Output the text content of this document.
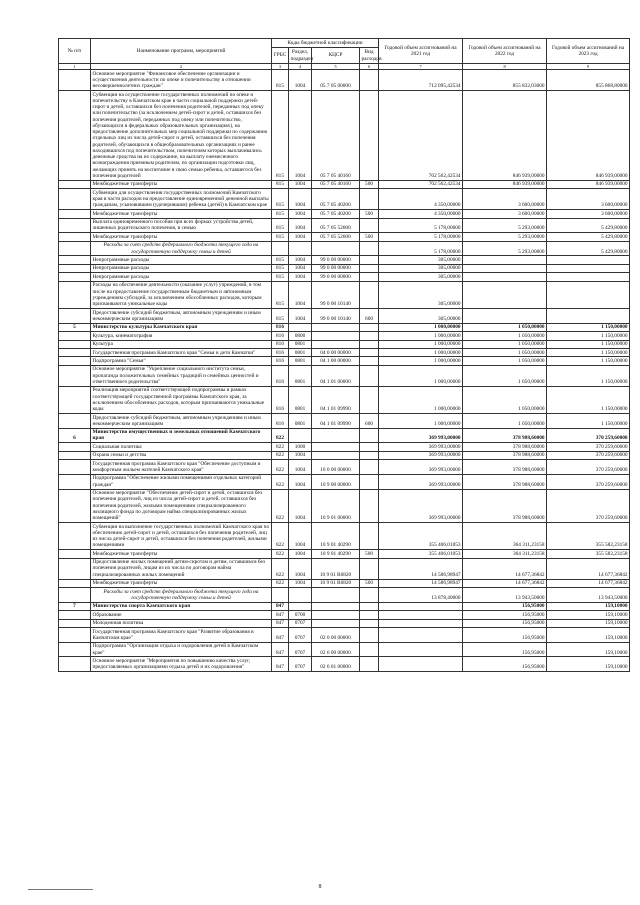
№ п/п	Наименование программ, мероприятий	Коды бюджетной классификации				Годовой объем ассигнований на 2021 год	Годовой объем ассигнований на 2022 год	Годовой объем ассигнований на 2023 год
		ГРБС	Раздел, подраздел	КЦСР	Вид расходов			
1	2	3	4	5	6	7	8	9
	Основное мероприятие "Финансовое обеспечение организации и осуществления деятельности по опеке и попечительству в отношении несовершеннолетних граждан"	815	1004	05 7 05 00000		712 095,42534	855 832,03000	855 868,80000
	Субвенции на осуществление государственных полномочий по опеке и попечительству в Камчатском крае в части социальной поддержки детей-сирот и детей, оставшихся без попечения родителей, переданных под опеку или попечительство (за исключением детей-сирот и детей, оставшихся без попечения родителей, переданных под опеку или попечительство, обучающихся в федеральных образовательных организациях), на предоставление дополнительных мер социальной поддержки по содержанию отдельных лиц из числа детей-сирот и детей, оставшихся без попечения родителей, обучающихся в общеобразовательных организациях и ранее находившихся под попечительством, попечителям которых выплачивались денежные средства на их содержание, на выплату ежемесячного вознаграждения приемным родителям, по организации подготовки лиц, желающих принять на воспитание в свою семью ребенка, оставшегося без попечения родителей	815	1004	05 7 05 40160		702 562,42534	846 939,00000	846 939,00000
	Межбюджетные трансферты	815	1004	05 7 05 40160	500	702 562,42534	846 939,00000	846 939,00000
	Субвенции для осуществления государственных полномочий Камчатского края в части расходов на предоставление единовременной денежной выплаты гражданам, усыновившим (удочерившим) ребенка (детей) в Камчатском крае	815	1004	05 7 05 40200		4 350,00000	3 600,00000	3 600,00000
	Межбюджетные трансферты	815	1004	05 7 05 40200	500	4 350,00000	3 600,00000	3 600,00000
	Выплата единовременного пособия при всех формах устройства детей, лишенных родительского попечения, в семью	815	1004	05 7 05 52600		5 178,00000	5 293,00000	5 429,80000
	Межбюджетные трансферты	815	1004	05 7 05 52600	500	5 178,00000	5 293,00000	5 429,80000
	Расходы за счет средств федерального бюджета текущего года на государственную поддержку семьи и детей					5 178,00000	5 293,00000	5 429,80000
	Непрограммные расходы	815	1004	99 0 00 00000		305,00000		
	Непрограммные расходы	815	1004	99 0 00 00000		305,00000		
	Непрограммные расходы	815	1004	99 0 00 00000		305,00000		
	Расходы на обеспечение деятельности (оказание услуг) учреждений, в том числе на предоставление государственным бюджетным и автономным учреждениям субсидий, за исключением обособленных расходов, которым присваиваются уникальные коды	815	1004	99 0 00 10140		305,00000		
	Предоставление субсидий бюджетным, автономным учреждениям и иным некоммерческим организациям	815	1004	99 0 00 10140	600	305,00000		
5	Министерство культуры Камчатского края	816				1 000,00000	1 050,00000	1 150,00000
	Культура, кинематография	816	0800			1 000,00000	1 050,00000	1 150,00000
	Культура	816	0801			1 000,00000	1 050,00000	1 150,00000
	Государственная программа Камчатского края "Семья и дети Камчатки"	816	0801	04 0 00 00000		1 000,00000	1 050,00000	1 150,00000
	Подпрограмма "Семья"	816	0801	04 1 00 00000		1 000,00000	1 050,00000	1 150,00000
	Основное мероприятие "Укрепление социального института семьи, пропаганда положительных семейных традиций и семейных ценностей и ответственного родительства"	816	0801	04 1 01 00000		1 000,00000	1 050,00000	1 150,00000
	Реализация мероприятий соответствующей подпрограммы в рамках соответствующей государственной программы Камчатского края, за исключением обособленных расходов, которым присваиваются уникальные коды	816	0801	04 1 01 09990		1 000,00000	1 050,00000	1 150,00000
	Предоставление субсидий бюджетным, автономным учреждениям и иным некоммерческим организациям	816	0801	04 1 01 09990	600	1 000,00000	1 050,00000	1 150,00000
6	Министерство имущественных и земельных отношений Камчатского края	822				369 993,00000	378 988,60000	370 259,60000
	Социальная политика	822	1000			369 993,00000	378 988,60000	370 259,60000
	Охрана семьи и детства	822	1004			369 993,00000	378 988,60000	370 259,60000
	Государственная программа Камчатского края "Обеспечение доступным и комфортным жильем жителей Камчатского края"	822	1004	10 0 00 00000		369 993,00000	378 988,60000	370 259,60000
	Подпрограмма "Обеспечение жилыми помещениями отдельных категорий граждан"	822	1004	10 9 00 00000		369 993,00000	378 988,60000	370 259,60000
	Основное мероприятие "Обеспечение детей-сирот и детей, оставшихся без попечения родителей, лиц из числа детей-сирот и детей, оставшихся без попечения родителей, жилыми помещениями специализированного жилищного фонда по договорам найма специализированных жилых помещений"	822	1004	10 9 01 00000		369 993,00000	378 988,60000	370 259,60000
	Субвенции на выполнение государственных полномочий Камчатского края по обеспечению детей-сирот и детей, оставшихся без попечения родителей, лиц из числа детей-сирот и детей, оставшихся без попечения родителей, жилыми помещениями	822	1004	10 9 01 40290		355 406,01053	364 311,23158	355 582,23158
	Межбюджетные трансферты	822	1004	10 9 01 40290	500	355 406,01053	364 311,23158	355 582,23158
	Предоставление жилых помещений детям-сиротам и детям, оставшимся без попечения родителей, лицам из их числа по договорам найма специализированных жилых помещений	822	1004	10 9 01 R0820		14 586,98947	14 677,36842	14 677,36842
	Межбюджетные трансферты	822	1004	10 9 01 R0820	500	14 586,98947	14 677,36842	14 677,36842
	Расходы за счет средств федерального бюджета текущего года на государственную поддержку семьи и детей					13 878,40000	13 943,50000	13 943,50000
7	Министерство спорта Камчатского края	847					156,95000	159,10000
	Образование	847	0700				156,95000	159,10000
	Молодежная политика	847	0707				156,95000	159,10000
	Государственная программа Камчатского края "Развитие образования в Камчатском крае"	847	0707	02 0 00 00000			156,95000	159,10000
	Подпрограмма "Организация отдыха и оздоровления детей в Камчатском крае"	847	0707	02 6 00 00000			156,95000	159,10000
	Основное мероприятие "Мероприятия по повышению качества услуг, предоставляемых организациями отдыха детей и их оздоровления"	847	0707	02 6 01 00000			156,95000	159,10000
8
